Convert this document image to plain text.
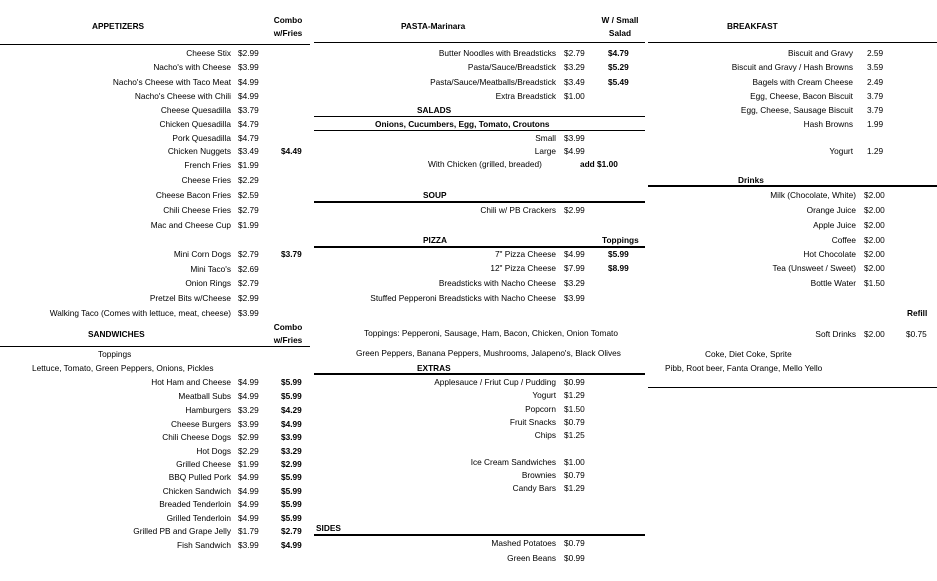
APPETIZERS
Combo
w/Fries
SANDWICHES
Combo
w/Fries
Toppings
Lettuce, Tomato, Green Peppers, Onions, Pickles
PASTA-Marinara
W / Small
Salad
SALADS
Onions, Cucumbers, Egg, Tomato, Croutons
With Chicken (grilled, breaded)	add $1.00
SOUP
PIZZA	Toppings
Toppings: Pepperoni, Sausage, Ham, Bacon, Chicken, Onion Tomato
Green Peppers, Banana Peppers, Mushrooms, Jalapeno's, Black Olives
EXTRAS
SIDES
BREAKFAST
Drinks
Refill
Soft Drinks $2.00	$0.75
Coke, Diet Coke, Sprite
Pibb, Root beer, Fanta Orange, Mello Yello
Cheese Stix $2.99
Nacho's with Cheese $3.99
Nacho's Cheese with Taco Meat $4.99
Nacho's Cheese with Chili $4.99
Cheese Quesadilla $3.79
Chicken Quesadilla $4.79
Pork Quesadilla $4.79
Chicken Nuggets $3.49	$4.49
French Fries $1.99
Cheese Fries $2.29
Cheese Bacon Fries $2.59
Chili Cheese Fries $2.79
Mac and Cheese Cup $1.99
Mini Corn Dogs $2.79	$3.79
Mini Taco's $2.69
Onion Rings $2.79
Pretzel Bits w/Cheese $2.99
Walking Taco (Comes with lettuce, meat, cheese) $3.99
Hot Ham and Cheese $4.99	$5.99
Meatball Subs $4.99	$5.99
Hamburgers $3.29	$4.29
Cheese Burgers $3.99	$4.99
Chili Cheese Dogs $2.99	$3.99
Hot Dogs $2.29	$3.29
Grilled Cheese $1.99	$2.99
BBQ Pulled Pork $4.99	$5.99
Chicken Sandwich $4.99	$5.99
Breaded Tenderloin $4.99	$5.99
Grilled Tenderloin $4.99	$5.99
Grilled PB and Grape Jelly $1.79	$2.79
Fish Sandwich $3.99	$4.99
Butter Noodles with Breadsticks $2.79	$4.79
Pasta/Sauce/Breadstick $3.29	$5.29
Pasta/Sauce/Meatballs/Breadstick $3.49	$5.49
Extra Breadstick $1.00
Small $3.99
Large $4.99
Chili w/ PB Crackers $2.99
7" Pizza Cheese $4.99	$5.99
12" Pizza Cheese $7.99	$8.99
Breadsticks with Nacho Cheese $3.29
Stuffed Pepperoni Breadsticks with Nacho Cheese $3.99
Applesauce / Friut Cup / Pudding $0.99
Yogurt $1.29
Popcorn $1.50
Fruit Snacks $0.79
Chips $1.25
Ice Cream Sandwiches $1.00
Brownies $0.79
Candy Bars $1.29
Mashed Potatoes $0.79
Green Beans $0.99
Biscuit and Gravy 2.59
Biscuit and Gravy / Hash Browns 3.59
Bagels with Cream Cheese 2.49
Egg, Cheese, Bacon Biscuit 3.79
Egg, Cheese, Sausage Biscuit 3.79
Hash Browns 1.99
Yogurt 1.29
Milk (Chocolate, White) $2.00
Orange Juice $2.00
Apple Juice $2.00
Coffee $2.00
Hot Chocolate $2.00
Tea (Unsweet / Sweet) $2.00
Bottle Water $1.50
